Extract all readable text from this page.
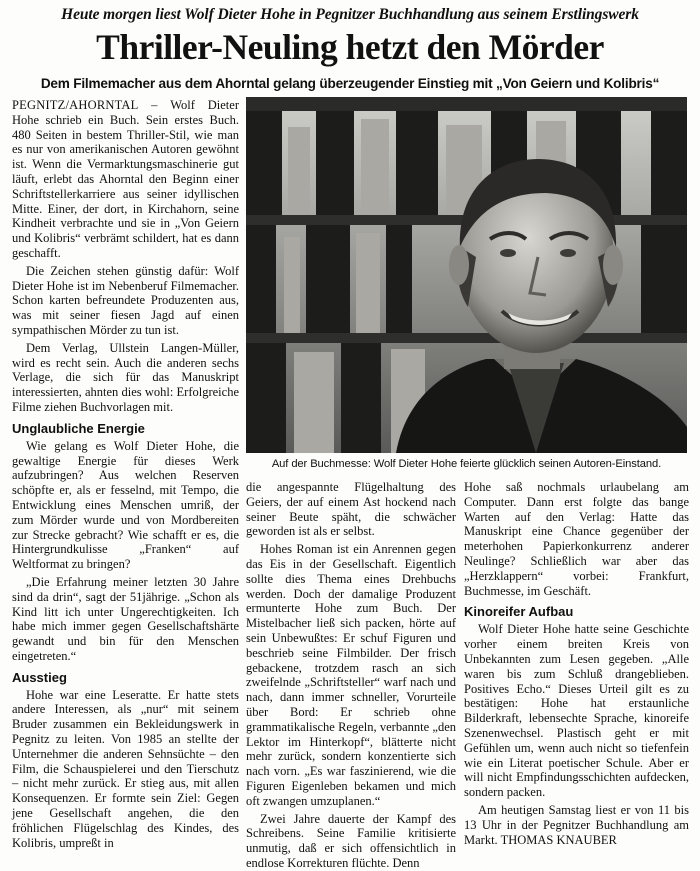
Heute morgen liest Wolf Dieter Hohe in Pegnitzer Buchhandlung aus seinem Erstlingswerk
Thriller-Neuling hetzt den Mörder
Dem Filmemacher aus dem Ahorntal gelang überzeugender Einstieg mit „Von Geiern und Kolibris“

PEGNITZ/AHORNTAL – Wolf Dieter Hohe schrieb ein Buch. Sein erstes Buch. 480 Seiten in bestem Thriller-Stil, wie man es nur von amerikanischen Autoren gewöhnt ist. Wenn die Vermarktungsmaschinerie gut läuft, erlebt das Ahorntal den Beginn einer Schriftstellerkarriere aus seiner idyllischen Mitte. Einer, der dort, in Kirchahorn, seine Kindheit verbrachte und sie in „Von Geiern und Kolibris“ verbrämt schildert, hat es dann geschafft.

Die Zeichen stehen günstig dafür: Wolf Dieter Hohe ist im Nebenberuf Filmemacher. Schon karten befreundete Produzenten aus, was mit seiner fiesen Jagd auf einen sympathischen Mörder zu tun ist.

Dem Verlag, Ullstein Langen-Müller, wird es recht sein. Auch die anderen sechs Verlage, die sich für das Manuskript interessierten, ahnten dies wohl: Erfolgreiche Filme ziehen Buchvorlagen mit.

Unglaubliche Energie

Wie gelang es Wolf Dieter Hohe, die gewaltige Energie für dieses Werk aufzubringen? Aus welchen Reserven schöpfte er, als er fesselnd, mit Tempo, die Entwicklung eines Menschen umriß, der zum Mörder wurde und von Mordbereiten zur Strecke gebracht? Wie schafft er es, die Hintergrundkulisse „Franken“ auf Weltformat zu bringen?

„Die Erfahrung meiner letzten 30 Jahre sind da drin“, sagt der 51jährige. „Schon als Kind litt ich unter Ungerechtigkeiten. Ich habe mich immer gegen Gesellschaftshärte gewandt und bin für den Menschen eingetreten.“

Ausstieg

Hohe war eine Leseratte. Er hatte stets andere Interessen, als „nur“ mit seinem Bruder zusammen ein Bekleidungswerk in Pegnitz zu leiten. Von 1985 an stellte der Unternehmer die anderen Sehnsüchte – den Film, die Schauspielerei und den Tierschutz – nicht mehr zurück. Er stieg aus, mit allen Konsequenzen. Er formte sein Ziel: Gegen jene Gesellschaft angehen, die den fröhlichen Flügelschlag des Kindes, des Kolibris, umpreßt in

Auf der Buchmesse: Wolf Dieter Hohe feierte glücklich seinen Autoren-Einstand.

die angespannte Flügelhaltung des Geiers, der auf einem Ast hockend nach seiner Beute späht, die schwächer geworden ist als er selbst.

Hohes Roman ist ein Anrennen gegen das Eis in der Gesellschaft. Eigentlich sollte dies Thema eines Drehbuchs werden. Doch der damalige Produzent ermunterte Hohe zum Buch. Der Mistelbacher ließ sich packen, hörte auf sein Unbewußtes: Er schuf Figuren und beschrieb seine Filmbilder. Der frisch gebackene, trotzdem rasch an sich zweifelnde „Schriftsteller“ warf nach und nach, dann immer schneller, Vorurteile über Bord: Er schrieb ohne grammatikalische Regeln, verbannte „den Lektor im Hinterkopf“, blätterte nicht mehr zurück, sondern konzentierte sich nach vorn. „Es war faszinierend, wie die Figuren Eigenleben bekamen und mich oft zwangen umzuplanen.“

Zwei Jahre dauerte der Kampf des Schreibens. Seine Familie kritisierte unmutig, daß er sich offensichtlich in endlose Korrekturen flüchte. Denn

Hohe saß nochmals urlaubelang am Computer. Dann erst folgte das bange Warten auf den Verlag: Hatte das Manuskript eine Chance gegenüber der meterhohen Papierkonkurrenz anderer Neulinge? Schließlich war aber das „Herzklappern“ vorbei: Frankfurt, Buchmesse, im Geschäft.

Kinoreifer Aufbau

Wolf Dieter Hohe hatte seine Geschichte vorher einem breiten Kreis von Unbekannten zum Lesen gegeben. „Alle waren bis zum Schluß drangeblieben. Positives Echo.“ Dieses Urteil gilt es zu bestätigen: Hohe hat erstaunliche Bilderkraft, lebensechte Sprache, kinoreife Szenenwechsel. Plastisch geht er mit Gefühlen um, wenn auch nicht so tiefenfein wie ein Literat poetischer Schule. Aber er will nicht Empfindungsschichten aufdecken, sondern packen.

Am heutigen Samstag liest er von 11 bis 13 Uhr in der Pegnitzer Buchhandlung am Markt. THOMAS KNAUBER
